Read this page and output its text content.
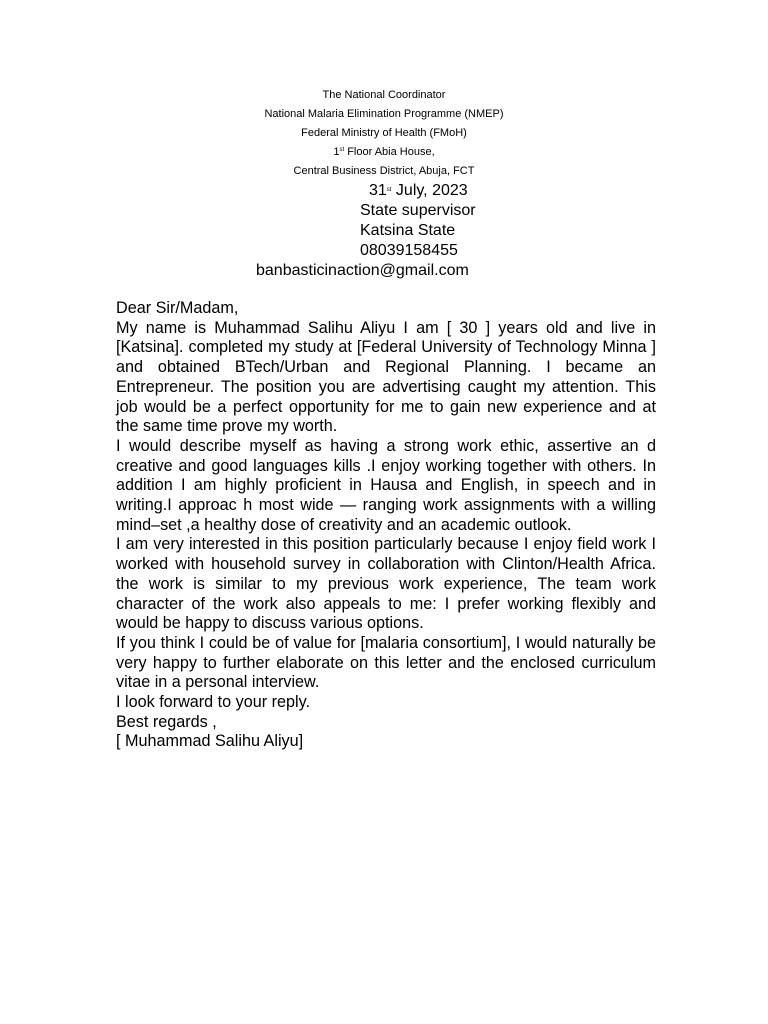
The National Coordinator
National Malaria Elimination Programme (NMEP)
Federal Ministry of Health (FMoH)
1st Floor Abia House,
Central Business District, Abuja, FCT
31st July, 2023
State supervisor
Katsina State
08039158455
banbasticinaction@gmail.com
Dear Sir/Madam,

My name is Muhammad Salihu Aliyu I am [ 30 ] years old and live in [Katsina]. completed my study at [Federal University of Technology Minna ] and obtained BTech/Urban and Regional Planning. I became an Entrepreneur. The position you are advertising caught my attention. This job would be a perfect opportunity for me to gain new experience and at the same time prove my worth.

I would describe myself as having a strong work ethic, assertive an d creative and good languages kills .I enjoy working together with others. In addition I am highly proficient in Hausa and English, in speech and in writing.I approac h most wide — ranging work assignments with a willing mind–set ,a healthy dose of creativity and an academic outlook.

I am very interested in this position particularly because I enjoy field work I worked with household survey in collaboration with Clinton/Health Africa. the work is similar to my previous work experience, The team work character of the work also appeals to me: I prefer working flexibly and would be happy to discuss various options.

If you think I could be of value for [malaria consortium], I would naturally be very happy to further elaborate on this letter and the enclosed curriculum vitae in a personal interview.

I look forward to your reply.
Best regards ,
[ Muhammad Salihu Aliyu]
